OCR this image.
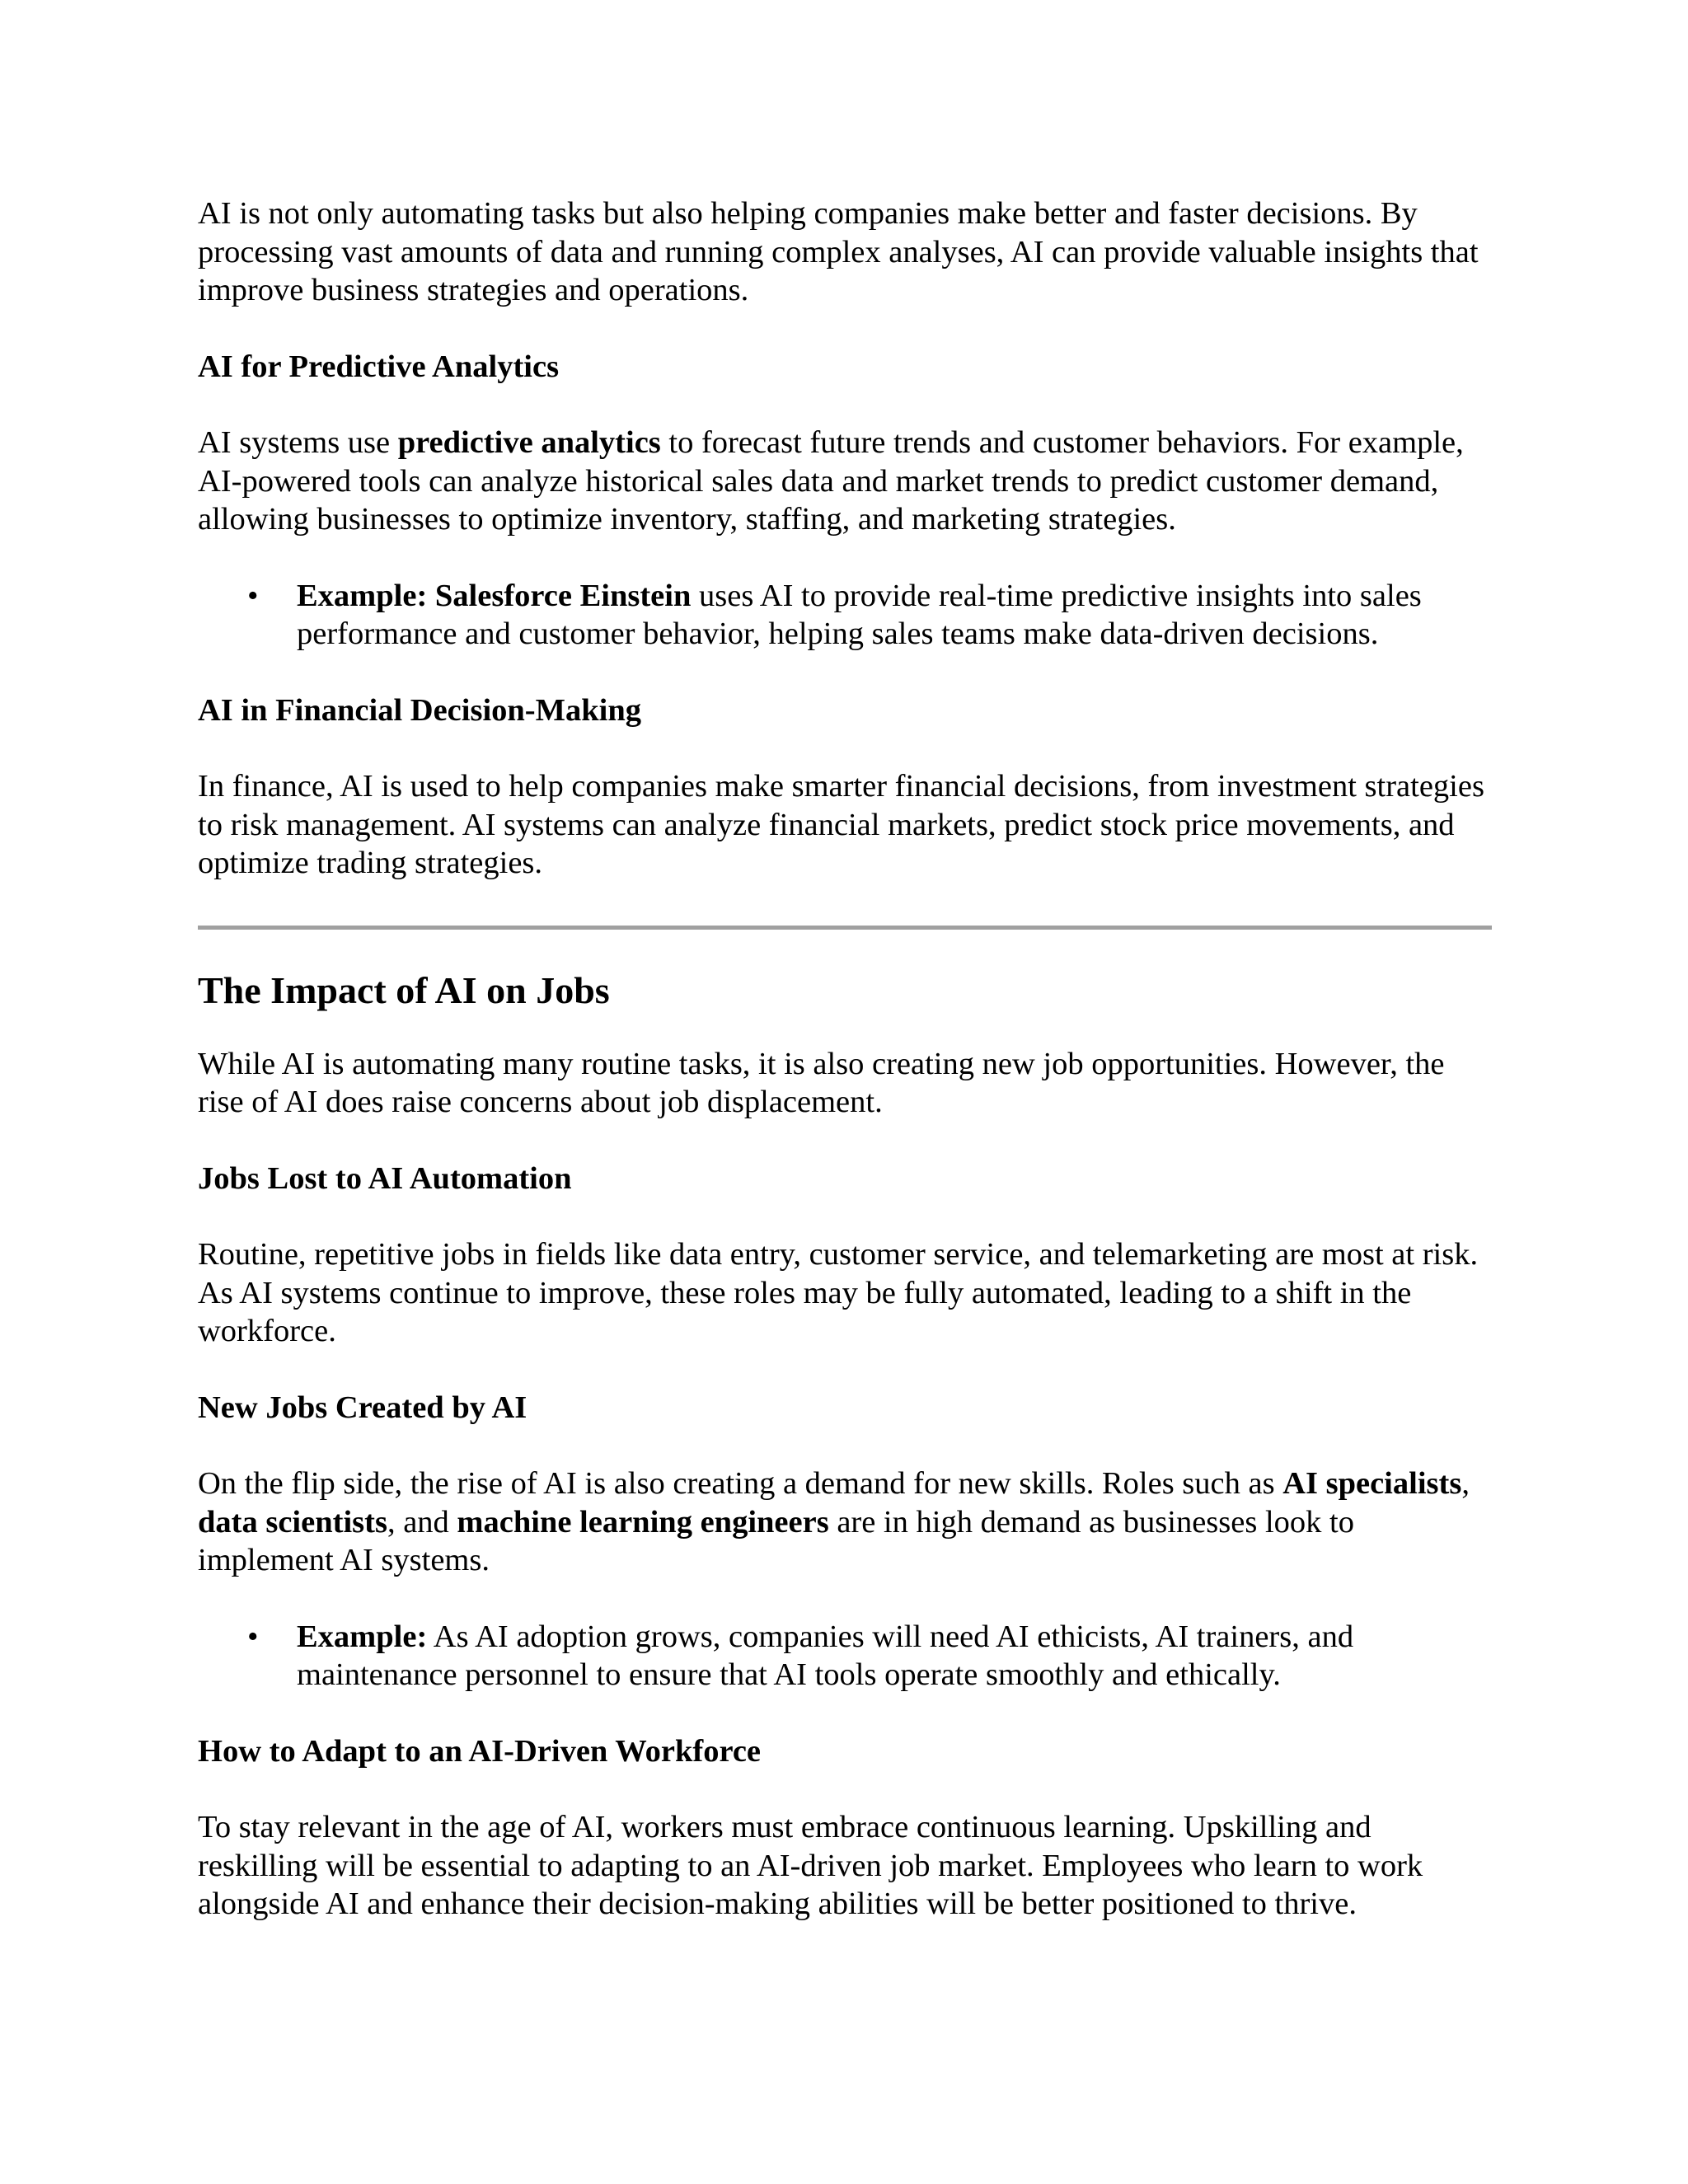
AI is not only automating tasks but also helping companies make better and faster decisions. By processing vast amounts of data and running complex analyses, AI can provide valuable insights that improve business strategies and operations.

AI for Predictive Analytics

AI systems use predictive analytics to forecast future trends and customer behaviors. For example, AI-powered tools can analyze historical sales data and market trends to predict customer demand, allowing businesses to optimize inventory, staffing, and marketing strategies.

• Example: Salesforce Einstein uses AI to provide real-time predictive insights into sales performance and customer behavior, helping sales teams make data-driven decisions.

AI in Financial Decision-Making

In finance, AI is used to help companies make smarter financial decisions, from investment strategies to risk management. AI systems can analyze financial markets, predict stock price movements, and optimize trading strategies.

The Impact of AI on Jobs

While AI is automating many routine tasks, it is also creating new job opportunities. However, the rise of AI does raise concerns about job displacement.

Jobs Lost to AI Automation

Routine, repetitive jobs in fields like data entry, customer service, and telemarketing are most at risk. As AI systems continue to improve, these roles may be fully automated, leading to a shift in the workforce.

New Jobs Created by AI

On the flip side, the rise of AI is also creating a demand for new skills. Roles such as AI specialists, data scientists, and machine learning engineers are in high demand as businesses look to implement AI systems.

• Example: As AI adoption grows, companies will need AI ethicists, AI trainers, and maintenance personnel to ensure that AI tools operate smoothly and ethically.

How to Adapt to an AI-Driven Workforce

To stay relevant in the age of AI, workers must embrace continuous learning. Upskilling and reskilling will be essential to adapting to an AI-driven job market. Employees who learn to work alongside AI and enhance their decision-making abilities will be better positioned to thrive.
